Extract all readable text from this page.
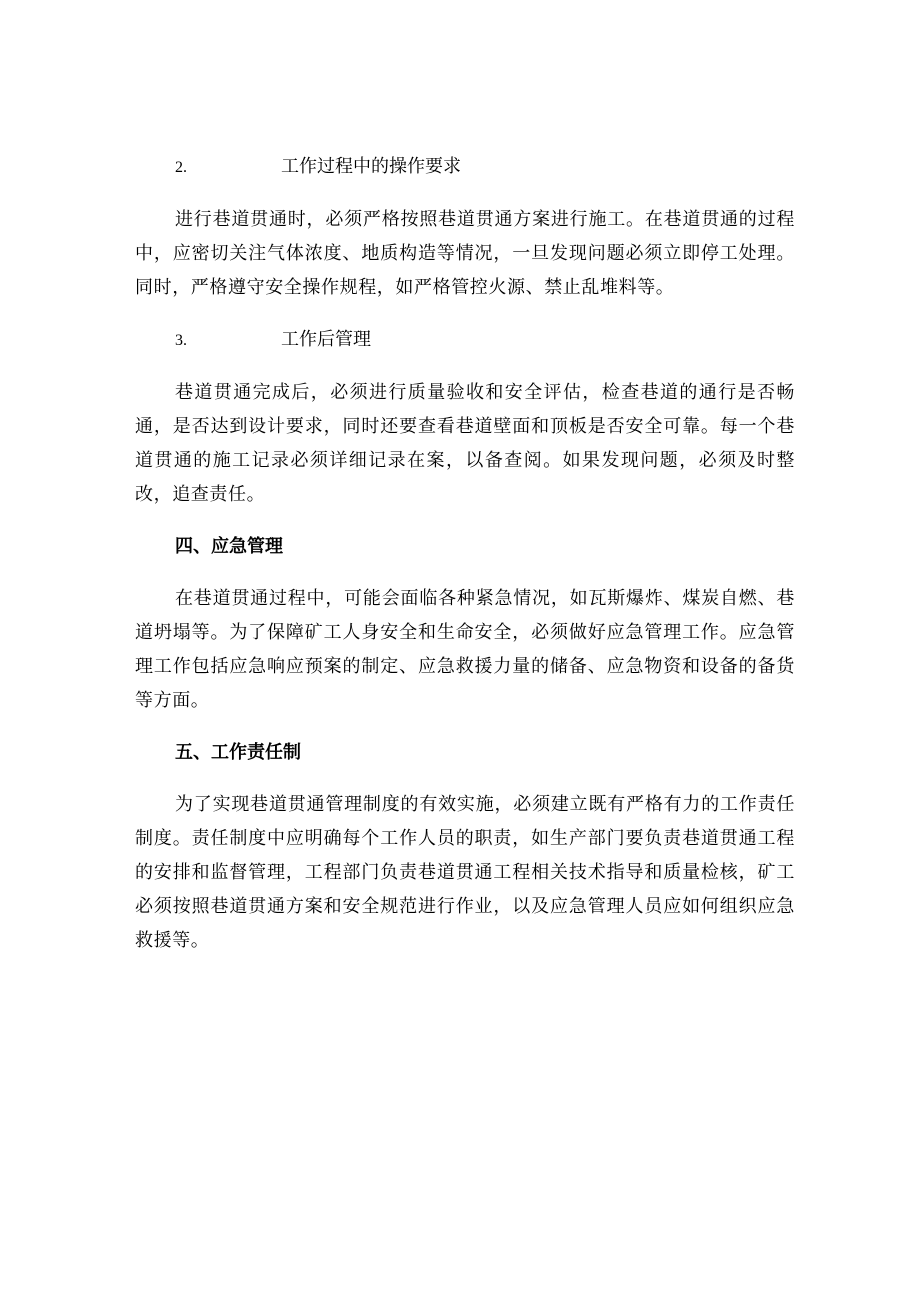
2.	工作过程中的操作要求

进行巷道贯通时，必须严格按照巷道贯通方案进行施工。在巷道贯通的过程中，应密切关注气体浓度、地质构造等情况，一旦发现问题必须立即停工处理。同时，严格遵守安全操作规程，如严格管控火源、禁止乱堆料等。

3.	工作后管理

巷道贯通完成后，必须进行质量验收和安全评估，检查巷道的通行是否畅通，是否达到设计要求，同时还要查看巷道壁面和顶板是否安全可靠。每一个巷道贯通的施工记录必须详细记录在案，以备查阅。如果发现问题，必须及时整改，追查责任。

四、应急管理

在巷道贯通过程中，可能会面临各种紧急情况，如瓦斯爆炸、煤炭自燃、巷道坍塌等。为了保障矿工人身安全和生命安全，必须做好应急管理工作。应急管理工作包括应急响应预案的制定、应急救援力量的储备、应急物资和设备的备货等方面。

五、工作责任制

为了实现巷道贯通管理制度的有效实施，必须建立既有严格有力的工作责任制度。责任制度中应明确每个工作人员的职责，如生产部门要负责巷道贯通工程的安排和监督管理，工程部门负责巷道贯通工程相关技术指导和质量检核，矿工必须按照巷道贯通方案和安全规范进行作业，以及应急管理人员应如何组织应急救援等。
